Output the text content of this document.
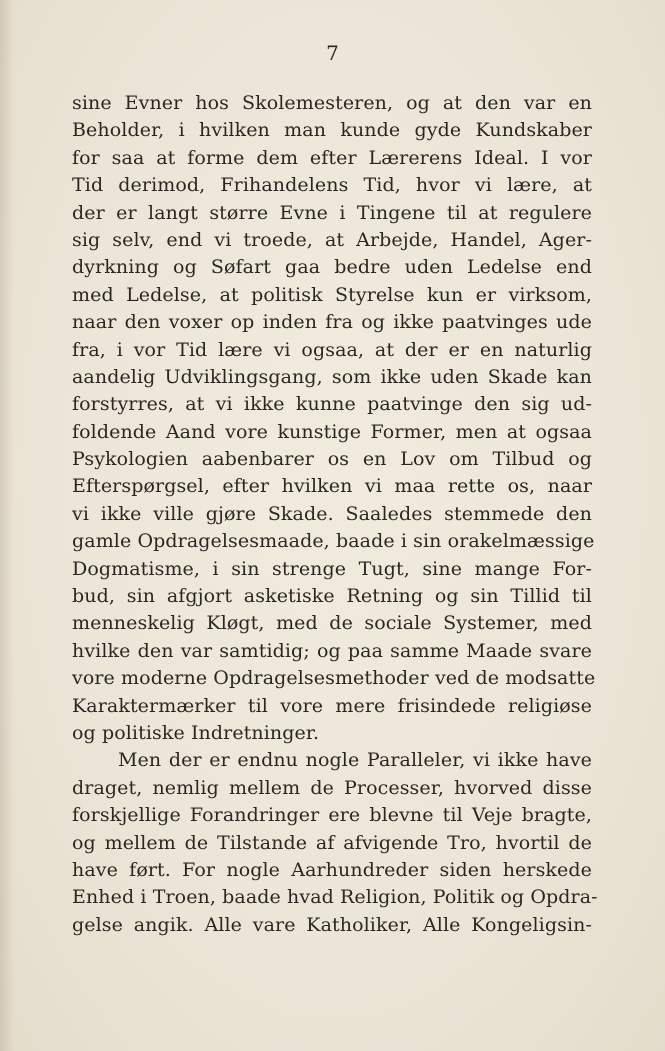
7
sine Evner hos Skolemesteren, og at den var en
Beholder, i hvilken man kunde gyde Kundskaber
for saa at forme dem efter Lærerens Ideal. I vor
Tid derimod, Frihandelens Tid, hvor vi lære, at
der er langt større Evne i Tingene til at regulere
sig selv, end vi troede, at Arbejde, Handel, Ager-
dyrkning og Søfart gaa bedre uden Ledelse end
med Ledelse, at politisk Styrelse kun er virksom,
naar den voxer op inden fra og ikke paatvinges ude
fra, i vor Tid lære vi ogsaa, at der er en naturlig
aandelig Udviklingsgang, som ikke uden Skade kan
forstyrres, at vi ikke kunne paatvinge den sig ud-
foldende Aand vore kunstige Former, men at ogsaa
Psykologien aabenbarer os en Lov om Tilbud og
Efterspørgsel, efter hvilken vi maa rette os, naar
vi ikke ville gjøre Skade. Saaledes stemmede den
gamle Opdragelsesmaade, baade i sin orakelmæssige
Dogmatisme, i sin strenge Tugt, sine mange For-
bud, sin afgjort asketiske Retning og sin Tillid til
menneskelig Kløgt, med de sociale Systemer, med
hvilke den var samtidig; og paa samme Maade svare
vore moderne Opdragelsesmethoder ved de modsatte
Karaktermærker til vore mere frisindede religiøse
og politiske Indretninger.
Men der er endnu nogle Paralleler, vi ikke have
draget, nemlig mellem de Processer, hvorved disse
forskjellige Forandringer ere blevne til Veje bragte,
og mellem de Tilstande af afvigende Tro, hvortil de
have ført. For nogle Aarhundreder siden herskede
Enhed i Troen, baade hvad Religion, Politik og Opdra-
gelse angik. Alle vare Katholiker, Alle Kongeligsin-
